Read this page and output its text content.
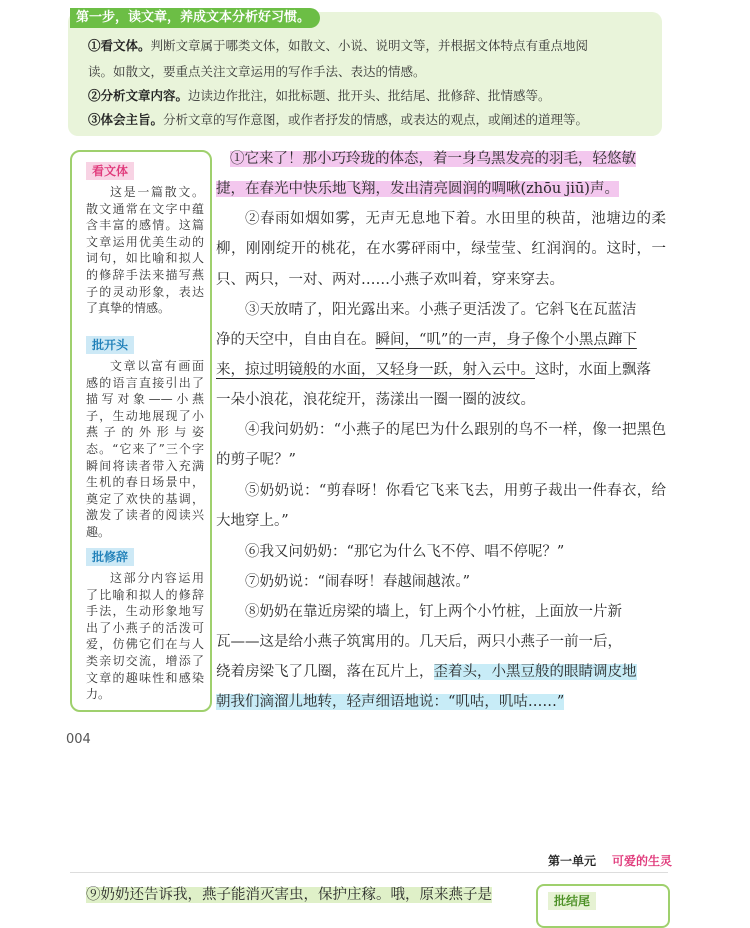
第一步，读文章，养成文本分析好习惯。
①看文体。判断文章属于哪类文体，如散文、小说、说明文等，并根据文体特点有重点地阅
读。如散文，要重点关注文章运用的写作手法、表达的情感。
②分析文章内容。边读边作批注，如批标题、批开头、批结尾、批修辞、批情感等。
③体会主旨。分析文章的写作意图，或作者抒发的情感，或表达的观点，或阐述的道理等。
看文体
这是一篇散文。散文通常在文字中蕴含丰富的感情。这篇文章运用优美生动的词句，如比喻和拟人的修辞手法来描写燕子的灵动形象，表达了真挚的情感。
批开头
文章以富有画面感的语言直接引出了描写对象——小燕子，生动地展现了小燕子的外形与姿态。“它来了”三个字瞬间将读者带入充满生机的春日场景中，奠定了欢快的基调，激发了读者的阅读兴趣。
批修辞
这部分内容运用了比喻和拟人的修辞手法，生动形象地写出了小燕子的活泼可爱，仿佛它们在与人类亲切交流，增添了文章的趣味性和感染力。
①它来了！那小巧玲珑的体态，着一身乌黑发亮的羽毛，轻悠敏
捷，在春光中快乐地飞翔，发出清亮圆润的啁啾(zhōu jiū)声。
②春雨如烟如雾，无声无息地下着。水田里的秧苗，池塘边的柔柳，刚刚绽开的桃花，在水雾砰雨中，绿莹莹、红润润的。这时，一只、两只，一对、两对……小燕子欢叫着，穿来穿去。
③天放晴了，阳光露出来。小燕子更活泼了。它斜飞在瓦蓝洁
净的天空中，自由自在。瞬间，“叽”的一声，身子像个小黑点蹿下
来，掠过明镜般的水面，又轻身一跃，射入云中。这时，水面上飘落
一朵小浪花，浪花绽开，荡漾出一圈一圈的波纹。
④我问奶奶：“小燕子的尾巴为什么跟别的鸟不一样，像一把黑色的剪子呢？”
⑤奶奶说：“剪春呀！你看它飞来飞去，用剪子裁出一件春衣，给大地穿上。”
⑥我又问奶奶：“那它为什么飞不停、唱不停呢？”
⑦奶奶说：“闹春呀！春越闹越浓。”
⑧奶奶在靠近房梁的墙上，钉上两个小竹桩，上面放一片新
瓦——这是给小燕子筑寓用的。几天后，两只小燕子一前一后，
绕着房梁飞了几圈，落在瓦片上，歪着头，小黑豆般的眼睛调皮地
朝我们滴溜儿地转，轻声细语地说：“叽咕，叽咕……”
004
第一单元 可爱的生灵
⑨奶奶还告诉我，燕子能消灭害虫，保护庄稼。哦，原来燕子是	批结尾
